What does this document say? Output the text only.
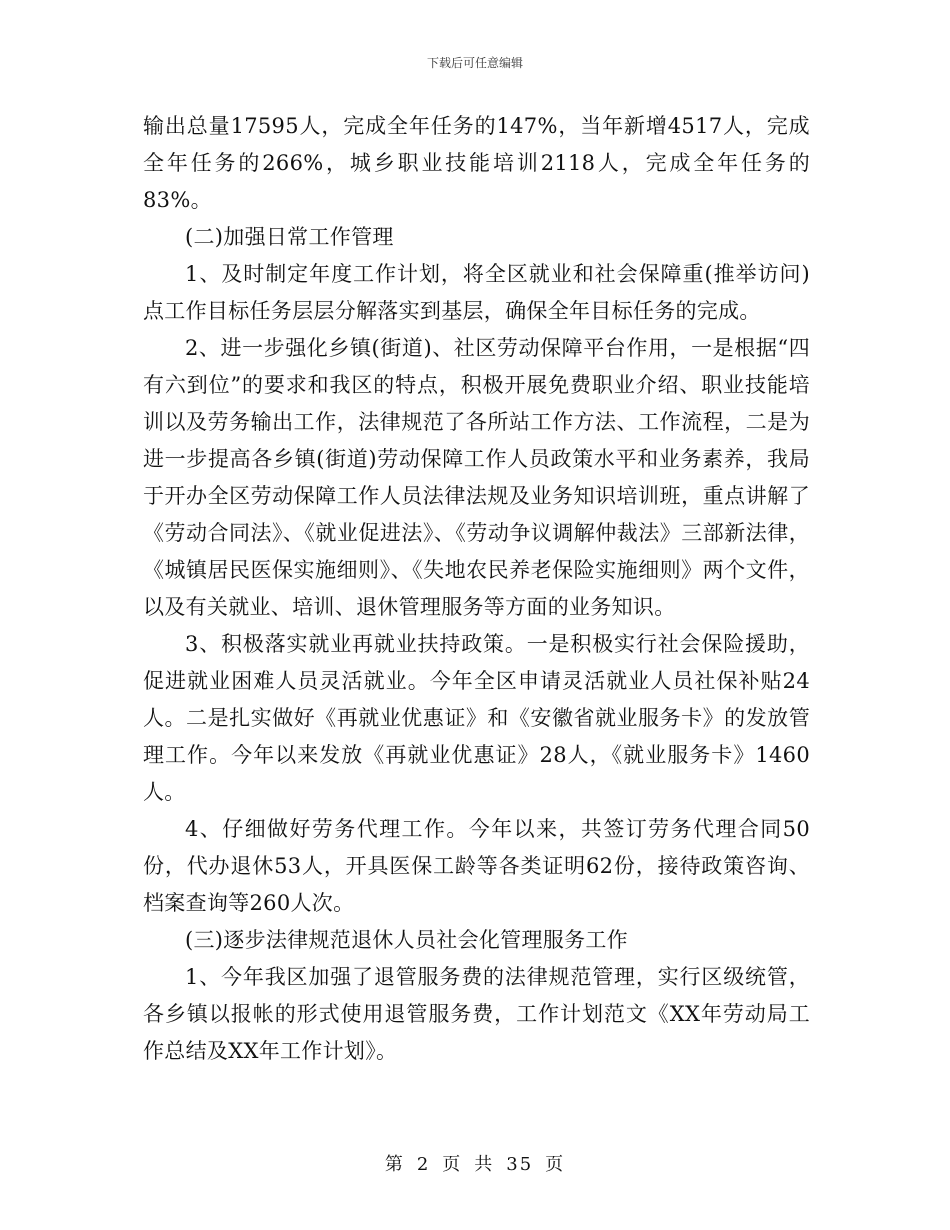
下载后可任意编辑

输出总量17595人，完成全年任务的147%，当年新增4517人，完成全年任务的266%，城乡职业技能培训2118人，完成全年任务的83%。

(二)加强日常工作管理

1、及时制定年度工作计划，将全区就业和社会保障重(推举访问)点工作目标任务层层分解落实到基层，确保全年目标任务的完成。

2、进一步强化乡镇(街道)、社区劳动保障平台作用，一是根据“四有六到位”的要求和我区的特点，积极开展免费职业介绍、职业技能培训以及劳务输出工作，法律规范了各所站工作方法、工作流程，二是为进一步提高各乡镇(街道)劳动保障工作人员政策水平和业务素养，我局于开办全区劳动保障工作人员法律法规及业务知识培训班，重点讲解了《劳动合同法》、《就业促进法》、《劳动争议调解仲裁法》三部新法律，《城镇居民医保实施细则》、《失地农民养老保险实施细则》两个文件，以及有关就业、培训、退休管理服务等方面的业务知识。

3、积极落实就业再就业扶持政策。一是积极实行社会保险援助，促进就业困难人员灵活就业。今年全区申请灵活就业人员社保补贴24人。二是扎实做好《再就业优惠证》和《安徽省就业服务卡》的发放管理工作。今年以来发放《再就业优惠证》28人，《就业服务卡》1460人。

4、仔细做好劳务代理工作。今年以来，共签订劳务代理合同50份，代办退休53人，开具医保工龄等各类证明62份，接待政策咨询、档案查询等260人次。

(三)逐步法律规范退休人员社会化管理服务工作

1、今年我区加强了退管服务费的法律规范管理，实行区级统管，各乡镇以报帐的形式使用退管服务费，工作计划范文《XX年劳动局工作总结及XX年工作计划》。

第 2 页 共 35 页
